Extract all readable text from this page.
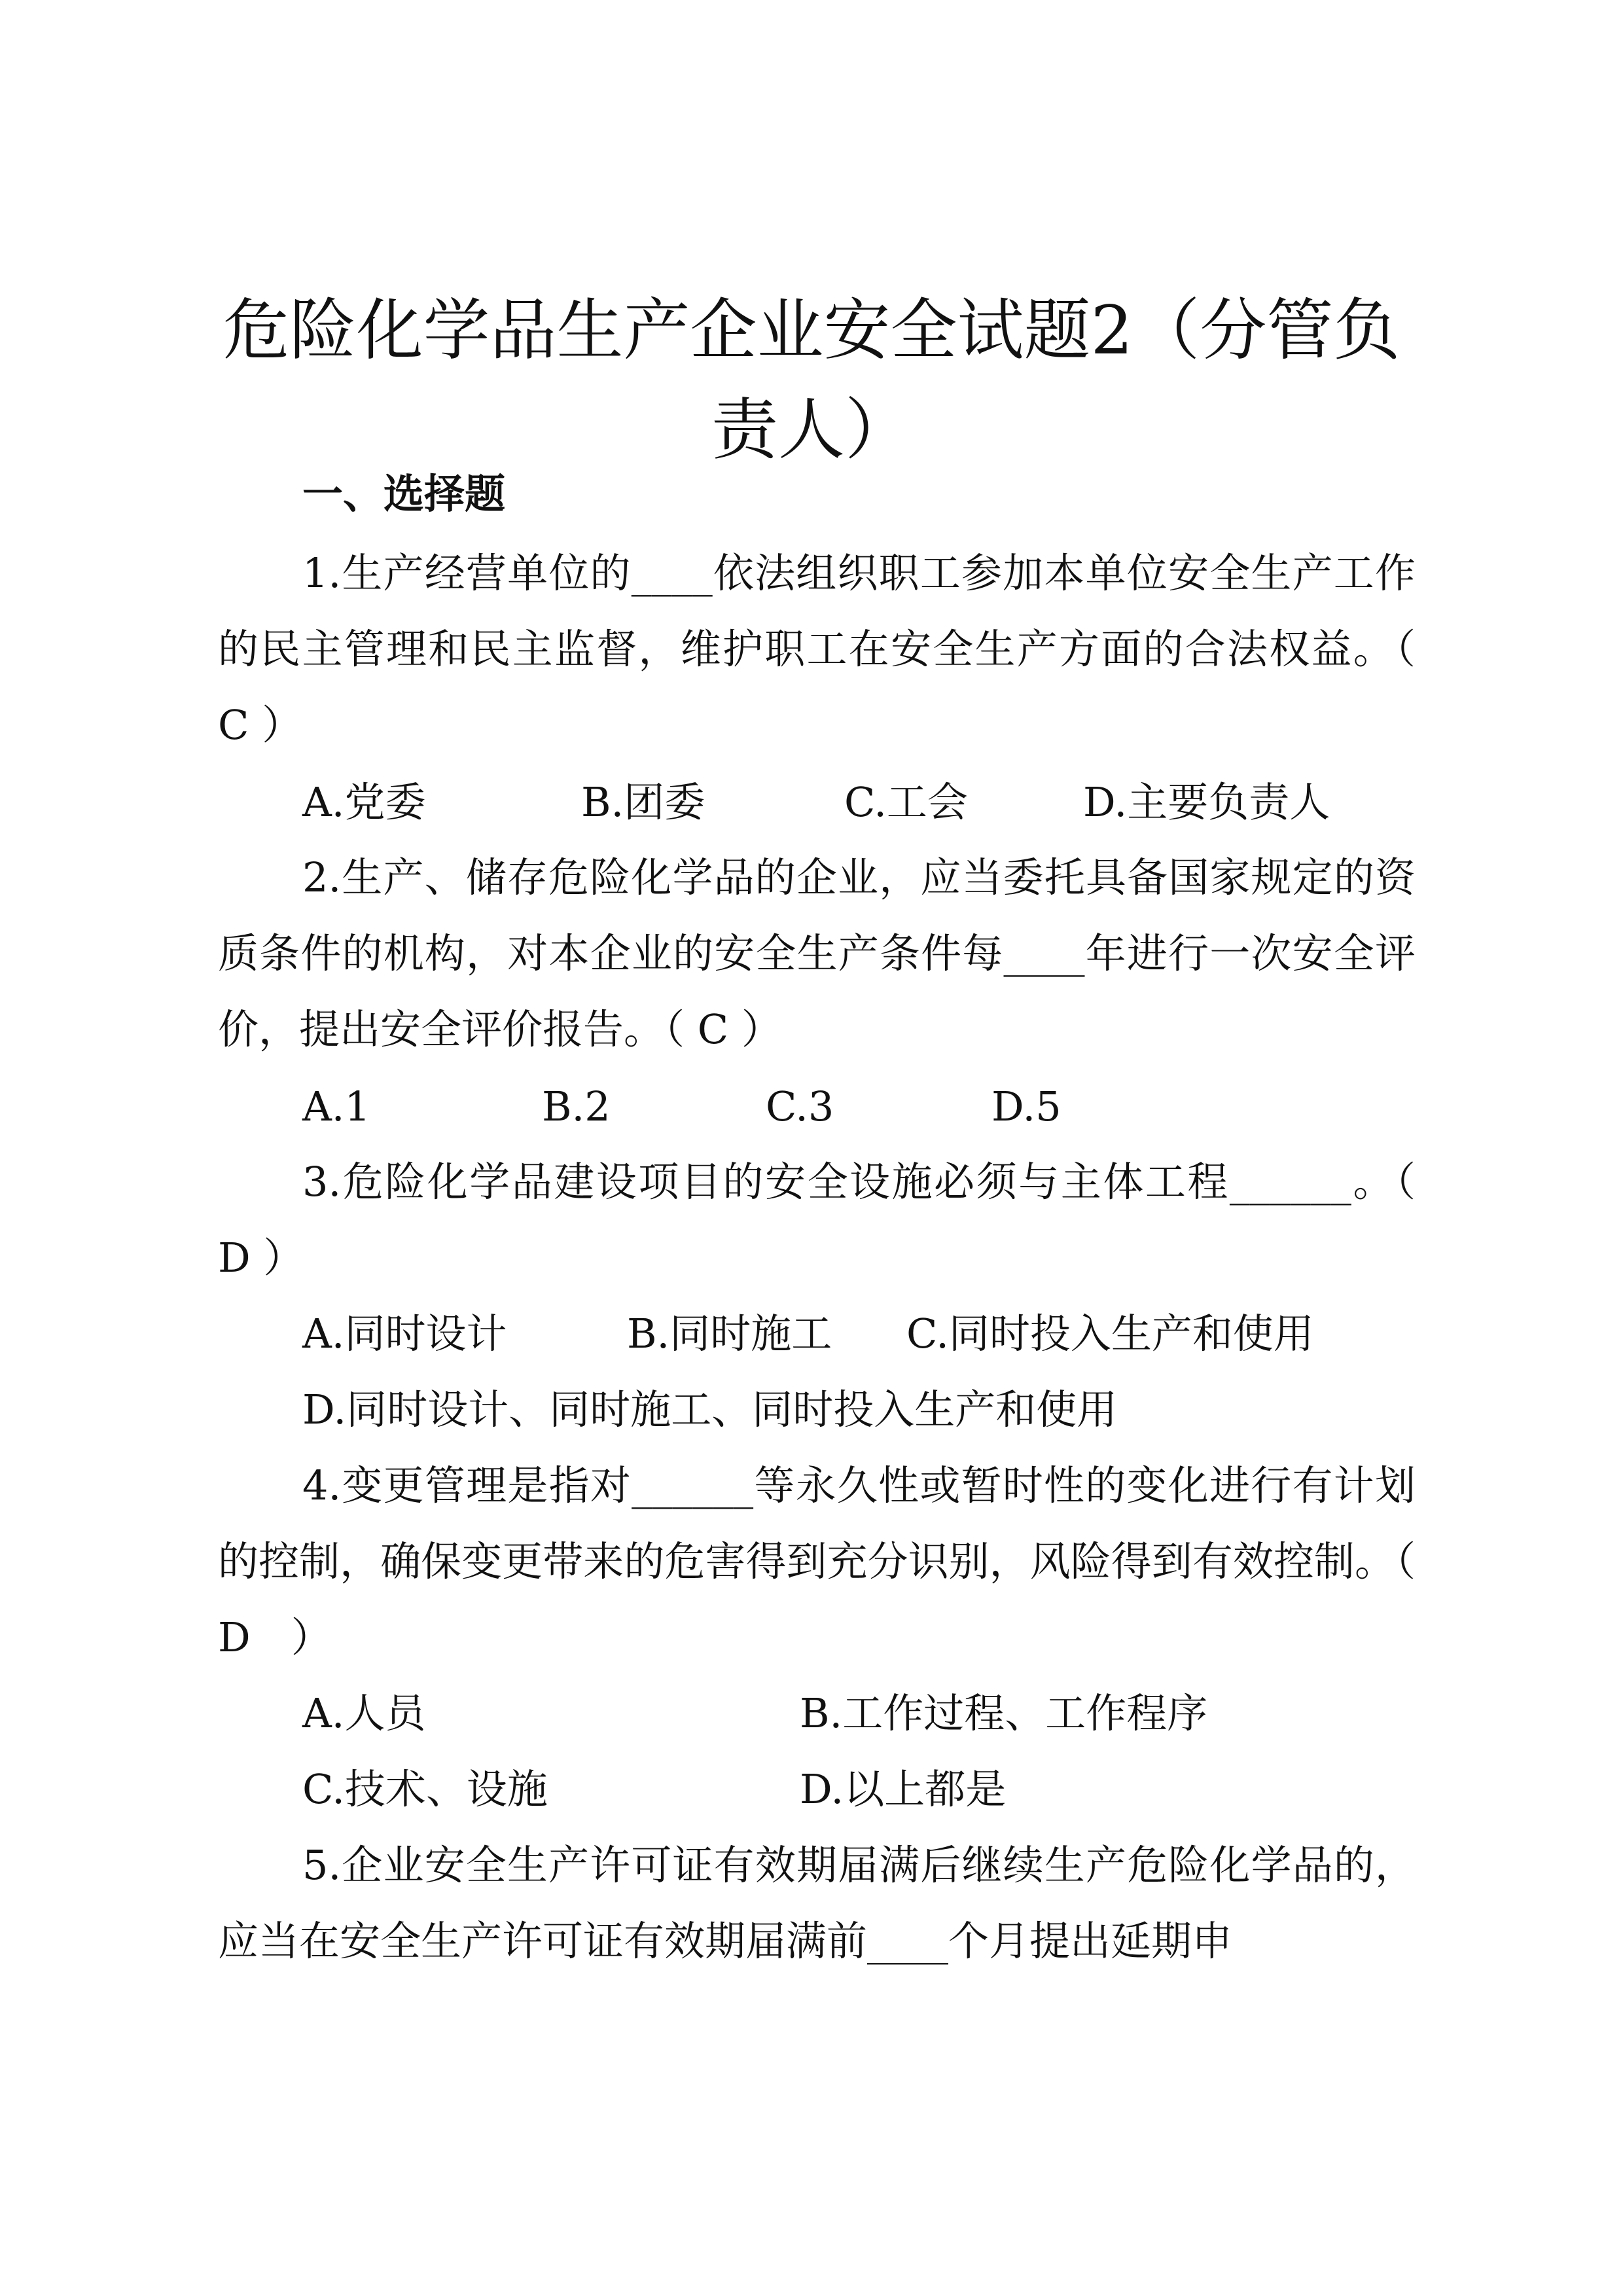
危险化学品生产企业安全试题2（分管负责人）
一、选择题

1.生产经营单位的____依法组织职工参加本单位安全生产工作的民主管理和民主监督，维护职工在安全生产方面的合法权益。（ C ）

A.党委	B.团委	C.工会	D.主要负责人

2.生产、储存危险化学品的企业，应当委托具备国家规定的资质条件的机构，对本企业的安全生产条件每____年进行一次安全评价，提出安全评价报告。（ C ）

A.1	B.2	C.3	D.5

3.危险化学品建设项目的安全设施必须与主体工程______。（ D ）

A.同时设计	B.同时施工 C.同时投入生产和使用
D.同时设计、同时施工、同时投入生产和使用

4.变更管理是指对______等永久性或暂时性的变化进行有计划的控制，确保变更带来的危害得到充分识别，风险得到有效控制。（　D　）

A.人员	B.工作过程、工作程序
C.技术、设施	D.以上都是

5.企业安全生产许可证有效期届满后继续生产危险化学品的，应当在安全生产许可证有效期届满前____个月提出延期申
